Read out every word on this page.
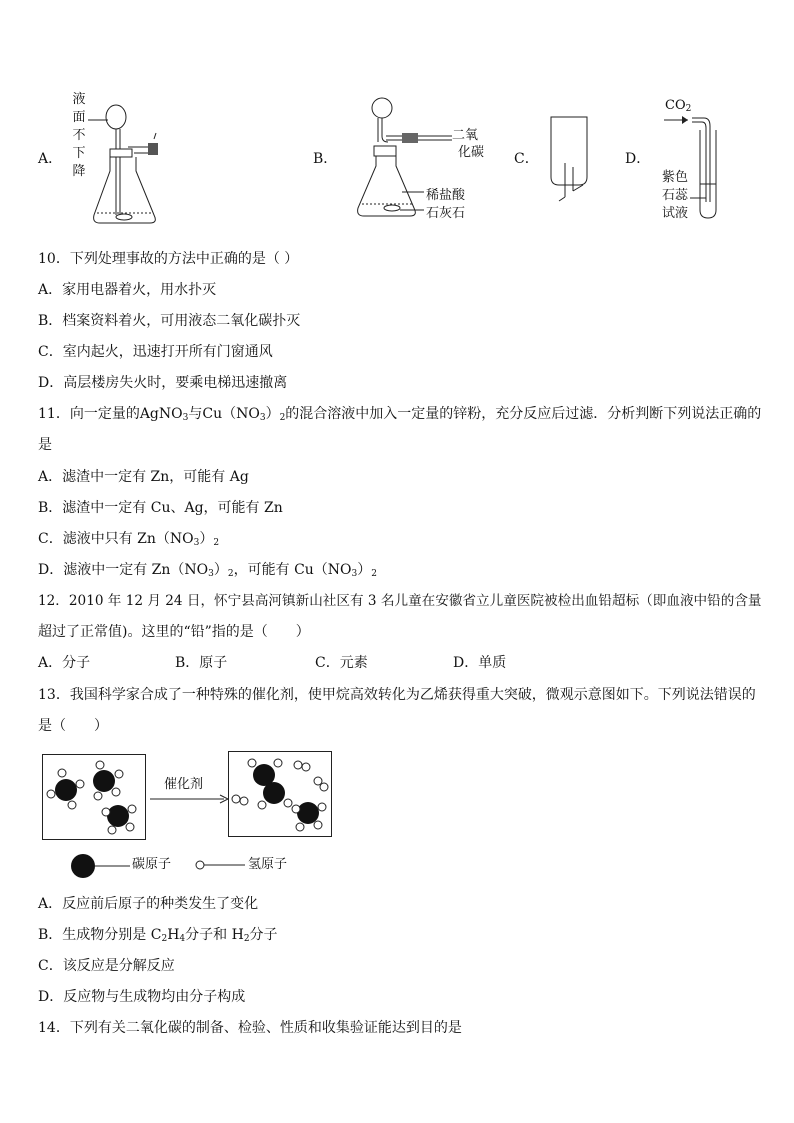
A．
液
面
不
下
降
B．
二氧
化碳
稀盐酸
石灰石
C．	D．
$CO_2$
紫色
石蕊
试液
10．下列处理事故的方法中正确的是（ ）
A．家用电器着火，用水扑灭
B．档案资料着火，可用液态二氧化碳扑灭
C．室内起火，迅速打开所有门窗通风
D．高层楼房失火时，要乘电梯迅速撤离
11．向一定量的AgNO$_3$与$Cu(NO_3)_2$的混合溶液中加入一定量的锌粉，充分反应后过滤．分析判断下列说法正确的
是
A．滤渣中一定有 Zn，可能有 Ag
B．滤渣中一定有 Cu、Ag，可能有 Zn
C．滤液中只有 $Zn(NO_3)_2$
D．滤液中一定有 $Zn(NO_3)_2$，可能有 $Cu(NO_3)_2$
12．2010 年 12 月 24 日，怀宁县高河镇新山社区有 3 名儿童在安徽省立儿童医院被检出血铅超标（即血液中铅的含量
超过了正常值)。这里的“铅”指的是（　　）
A．分子	B．原子	C．元素	D．单质
13．我国科学家合成了一种特殊的催化剂，使甲烷高效转化为乙烯获得重大突破，微观示意图如下。下列说法错误的
是（　　）
催化剂
碳原子	氢原子
A．反应前后原子的种类发生了变化
B．生成物分别是 $C_2H_4$分子和 $H_2$分子
C．该反应是分解反应
D．反应物与生成物均由分子构成
14．下列有关二氧化碳的制备、检验、性质和收集验证能达到目的是
